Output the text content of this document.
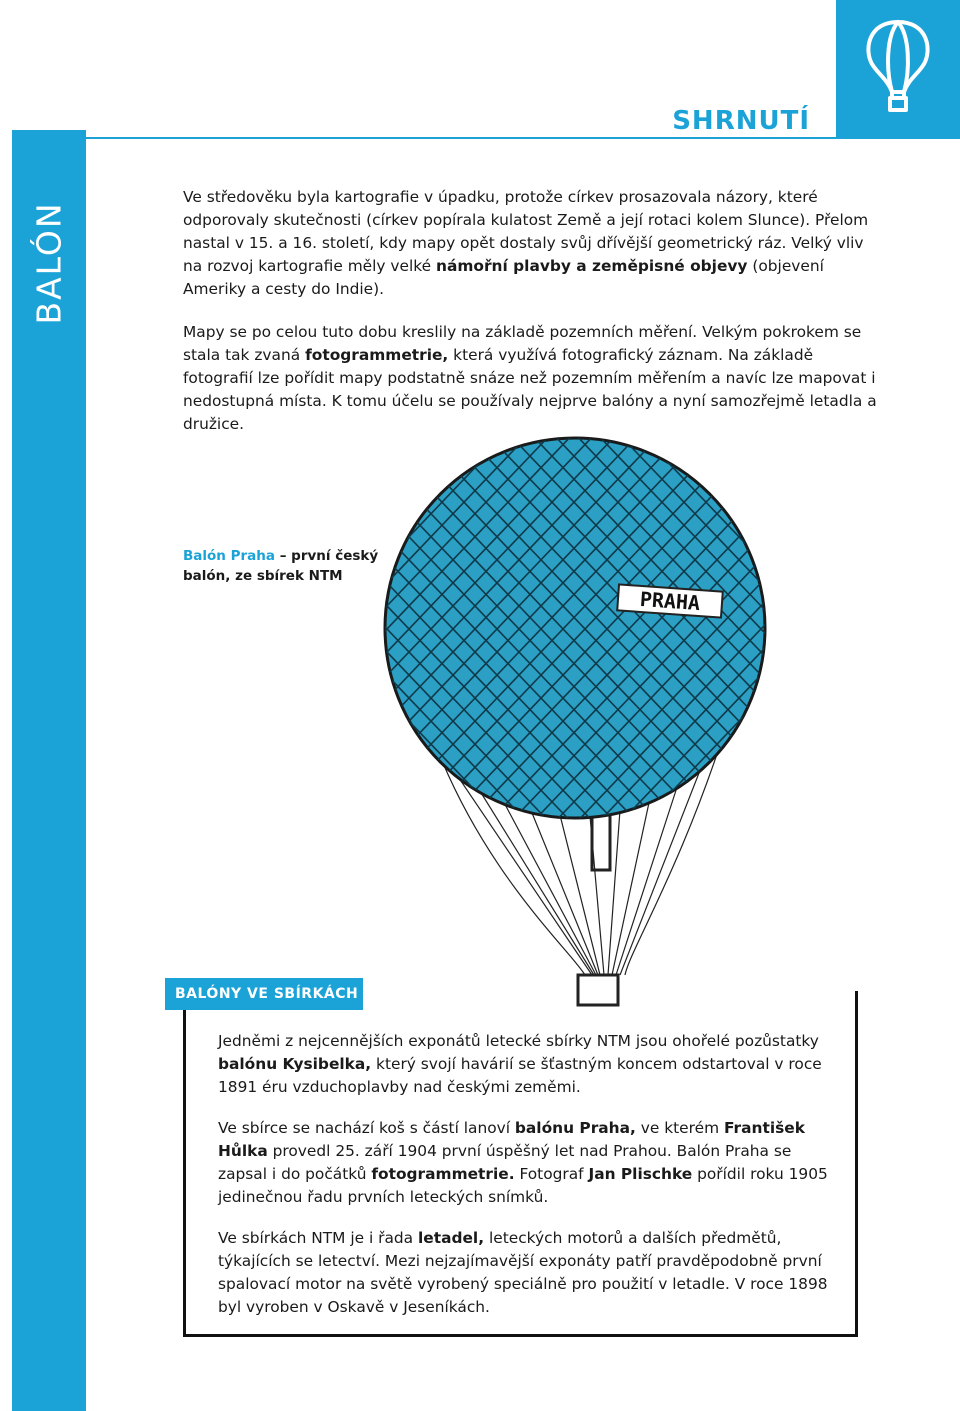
BALÓN
SHRNUTÍ

Ve středověku byla kartografie v úpadku, protože církev prosazovala názory, které odporovaly skutečnosti (církev popírala kulatost Země a její rotaci kolem Slunce). Přelom nastal v 15. a 16. století, kdy mapy opět dostaly svůj dřívější geometrický ráz. Velký vliv na rozvoj kartografie měly velké námořní plavby a zeměpisné objevy (objevení Ameriky a cesty do Indie).

Mapy se po celou tuto dobu kreslily na základě pozemních měření. Velkým pokrokem se stala tak zvaná fotogrammetrie, která využívá fotografický záznam. Na základě fotografií lze pořídit mapy podstatně snáze než pozemním měřením a navíc lze mapovat i nedostupná místa. K tomu účelu se používaly nejprve balóny a nyní samozřejmě letadla a družice.

Balón Praha – první český balón, ze sbírek NTM
PRAHA
BALÓNY VE SBÍRKÁCH NTM

Jedněmi z nejcennějších exponátů letecké sbírky NTM jsou ohořelé pozůstatky balónu Kysibelka, který svojí havárií se šťastným koncem odstartoval v roce 1891 éru vzduchoplavby nad českými zeměmi.

Ve sbírce se nachází koš s částí lanoví balónu Praha, ve kterém František Hůlka provedl 25. září 1904 první úspěšný let nad Prahou. Balón Praha se zapsal i do počátků fotogrammetrie. Fotograf Jan Plischke pořídil roku 1905 jedinečnou řadu prvních leteckých snímků.

Ve sbírkách NTM je i řada letadel, leteckých motorů a dalších předmětů, týkajících se letectví. Mezi nejzajímavější exponáty patří pravděpodobně první spalovací motor na světě vyrobený speciálně pro použití v letadle. V roce 1898 byl vyroben v Oskavě v Jeseníkách.
